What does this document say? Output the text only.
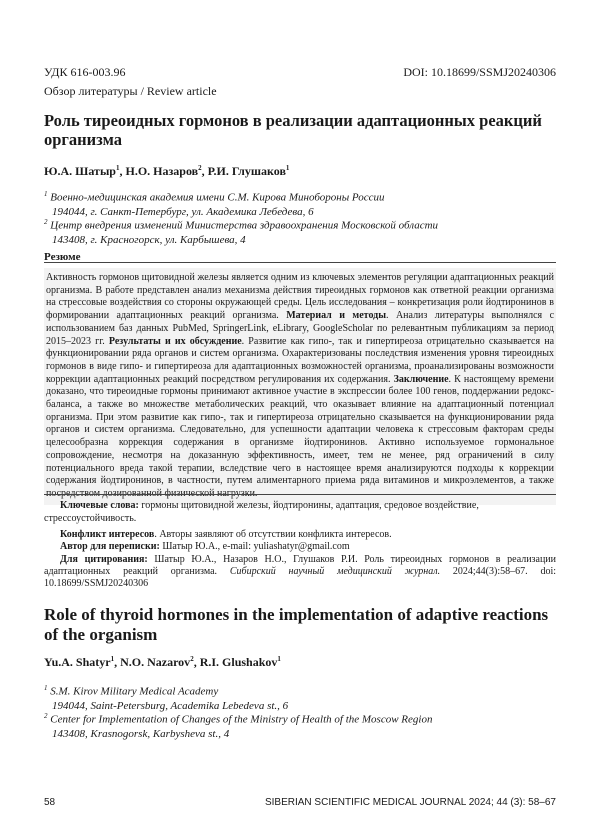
УДК 616-003.96	DOI: 10.18699/SSMJ20240306
Обзор литературы / Review article
Роль тиреоидных гормонов в реализации адаптационных реакций организма
Ю.А. Шатыр$^1$, Н.О. Назаров$^2$, Р.И. Глушаков$^1$
$^1$ Военно-медицинская академия имени С.М. Кирова Минобороны России
194044, г. Санкт-Петербург, ул. Академика Лебедева, 6
$^2$ Центр внедрения изменений Министерства здравоохранения Московской области
143408, г. Красногорск, ул. Карбышева, 4
Резюме
Активность гормонов щитовидной железы является одним из ключевых элементов регуляции адаптационных реакций организма. В работе представлен анализ механизма действия тиреоидных гормонов как ответной реакции организма на стрессовые воздействия со стороны окружающей среды. Цель исследования – конкретизация роли йодтиронинов в формировании адаптационных реакций организма. Материал и методы. Анализ литературы выполнялся с использованием баз данных PubMed, SpringerLink, eLibrary, GoogleScholar по релевантным публикациям за период 2015–2023 гг. Результаты и их обсуждение. Развитие как гипо-, так и гипертиреоза отрицательно сказывается на функционировании ряда органов и систем организма. Охарактеризованы последствия изменения уровня тиреоидных гормонов в виде гипо- и гипертиреоза для адаптационных возможностей организма, проанализированы возможности коррекции адаптационных реакций посредством регулирования их содержания. Заключение. К настоящему времени доказано, что тиреоидные гормоны принимают активное участие в экспрессии более 100 генов, поддержании редокс-баланса, а также во множестве метаболических реакций, что оказывает влияние на адаптационный потенциал организма. При этом развитие как гипо-, так и гипертиреоза отрицательно сказывается на функционировании ряда органов и систем организма. Следовательно, для успешности адаптации человека к стрессовым факторам среды целесообразна коррекция содержания в организме йодтиронинов. Активно используемое гормональное сопровождение, несмотря на доказанную эффективность, имеет, тем не менее, ряд ограничений в силу потенциального вреда такой терапии, вследствие чего в настоящее время анализируются подходы к коррекции содержания йодтиронинов, в частности, путем алиментарного приема ряда витаминов и микроэлементов, а также посредством дозированной физической нагрузки.
Ключевые слова: гормоны щитовидной железы, йодтиронины, адаптация, средовое воздействие, стрессоустойчивость.

Конфликт интересов. Авторы заявляют об отсутствии конфликта интересов.

Автор для переписки: Шатыр Ю.А., e-mail: yuliashatyr@gmail.com

Для цитирования: Шатыр Ю.А., Назаров Н.О., Глушаков Р.И. Роль тиреоидных гормонов в реализации адаптационных реакций организма. Сибирский научный медицинский журнал. 2024;44(3):58–67. doi: 10.18699/SSMJ20240306

Role of thyroid hormones in the implementation of adaptive reactions of the organism
Yu.A. Shatyr$^1$, N.O. Nazarov$^2$, R.I. Glushakov$^1$
$^1$ S.M. Kirov Military Medical Academy
194044, Saint-Petersburg, Academika Lebedeva st., 6
$^2$ Center for Implementation of Changes of the Ministry of Health of the Moscow Region
143408, Krasnogorsk, Karbysheva st., 4
58	SIBERIAN SCIENTIFIC MEDICAL JOURNAL 2024; 44 (3): 58–67
